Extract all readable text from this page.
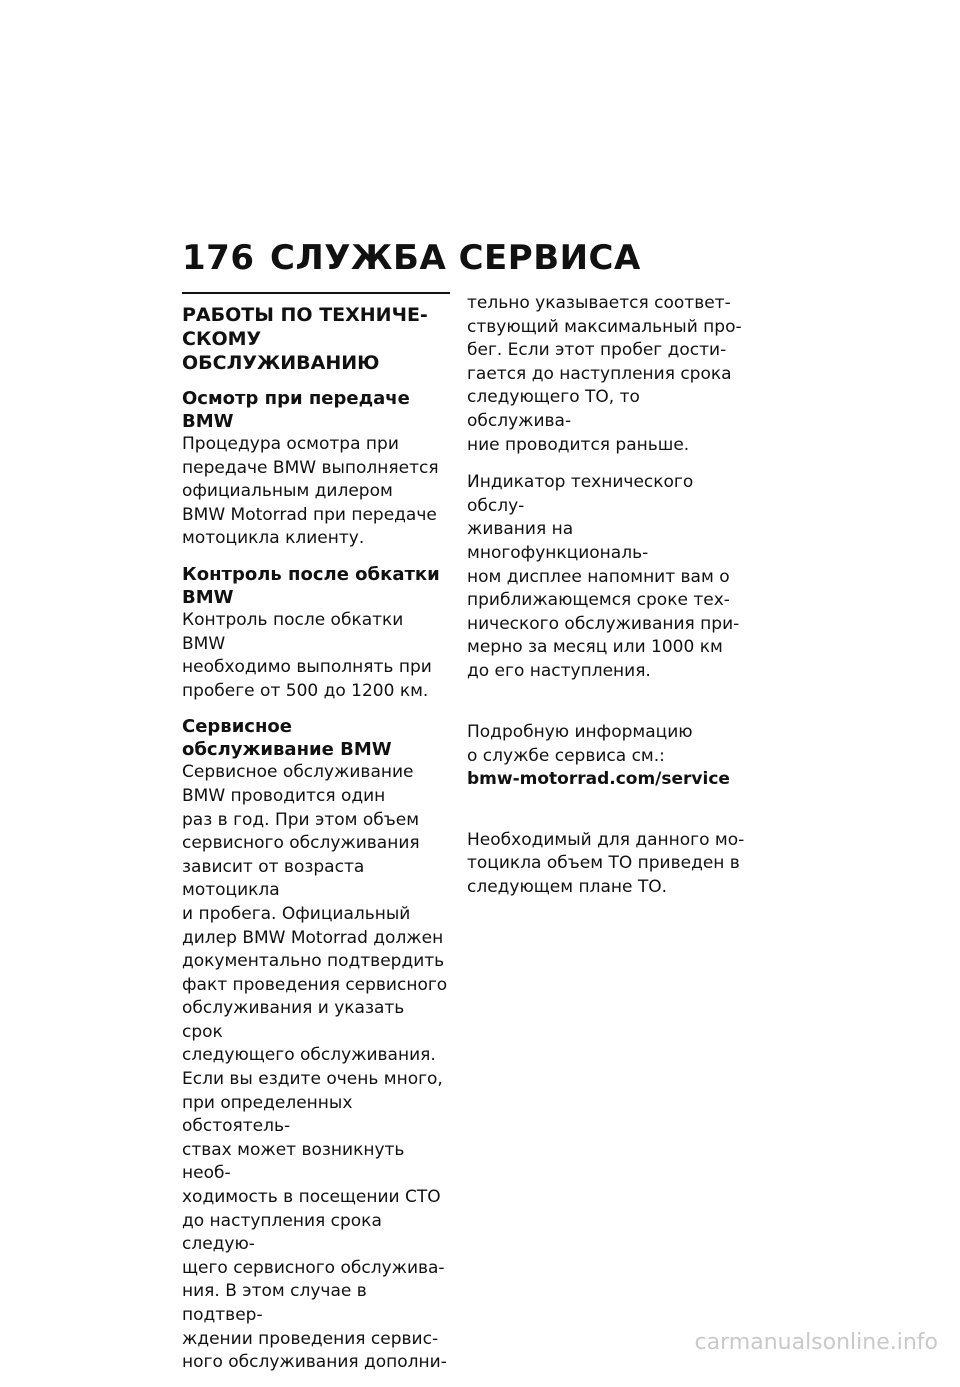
176 СЛУЖБА СЕРВИСА
РАБОТЫ ПО ТЕХНИЧЕ-
СКОМУ ОБСЛУЖИВАНИЮ
Осмотр при передаче BMW
Процедура осмотра при
передаче BMW выполняется
официальным дилером
BMW Motorrad при передаче
мотоцикла клиенту.
Контроль после обкатки
BMW
Контроль после обкатки BMW
необходимо выполнять при
пробеге от 500 до 1200 км.
Сервисное
обслуживание BMW
Сервисное обслуживание
BMW проводится один
раз в год. При этом объем
сервисного обслуживания
зависит от возраста мотоцикла
и пробега. Официальный
дилер BMW Motorrad должен
документально подтвердить
факт проведения сервисного
обслуживания и указать срок
следующего обслуживания.
Если вы ездите очень много,
при определенных обстоятель-
ствах может возникнуть необ-
ходимость в посещении СТО
до наступления срока следую-
щего сервисного обслужива-
ния. В этом случае в подтвер-
ждении проведения сервис-
ного обслуживания дополни-
тельно указывается соответ-
ствующий максимальный про-
бег. Если этот пробег дости-
гается до наступления срока
следующего ТО, то обслужива-
ние проводится раньше.
Индикатор технического обслу-
живания на многофункциональ-
ном дисплее напомнит вам о
приближающемся сроке тех-
нического обслуживания при-
мерно за месяц или 1000 км
до его наступления.

Подробную информацию
о службе сервиса см.:

bmw-motorrad.com/service

Необходимый для данного мо-
тоцикла объем ТО приведен в
следующем плане ТО.
carmanualsonline.info
